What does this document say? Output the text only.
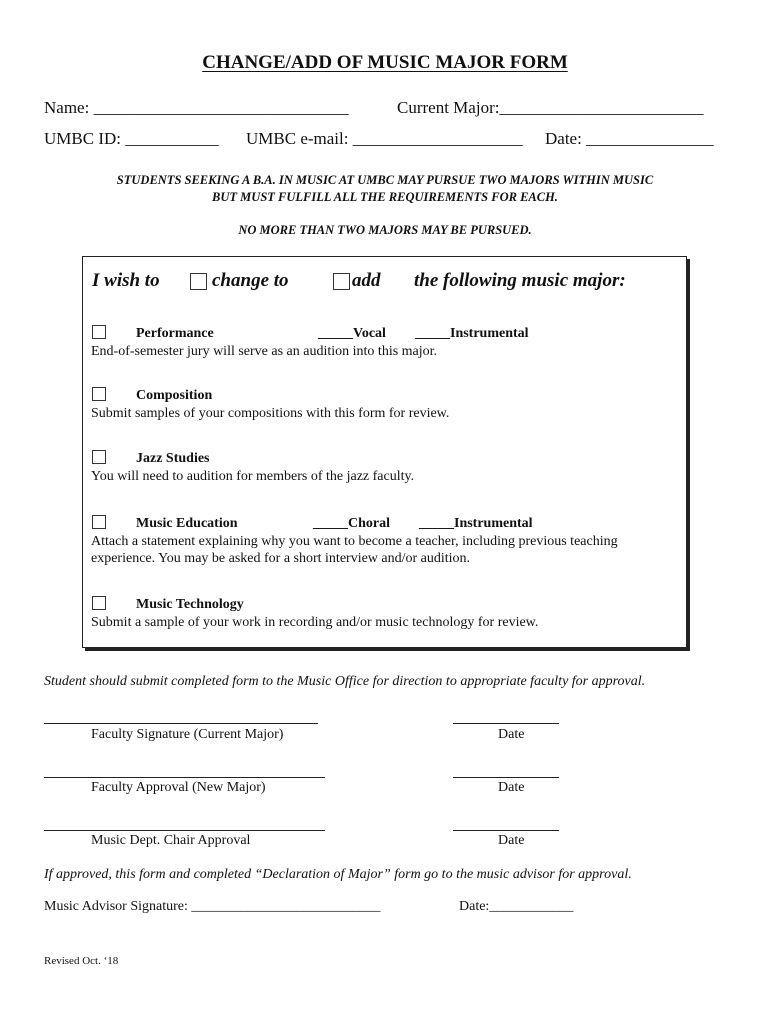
CHANGE/ADD OF MUSIC MAJOR FORM
Name: ______________________________	Current Major:________________________
UMBC ID: ___________ UMBC e-mail: ____________________ Date: _______________
STUDENTS SEEKING A B.A. IN MUSIC AT UMBC MAY PURSUE TWO MAJORS WITHIN MUSIC
BUT MUST FULFILL ALL THE REQUIREMENTS FOR EACH.
NO MORE THAN TWO MAJORS MAY BE PURSUED.
I wish to	change to	add the following music major:
Performance	_____Vocal _____Instrumental
End-of-semester jury will serve as an audition into this major.
Composition
Submit samples of your compositions with this form for review.
Jazz Studies
You will need to audition for members of the jazz faculty.
Music Education	_____Choral _____Instrumental
Attach a statement explaining why you want to become a teacher, including previous teaching
experience. You may be asked for a short interview and/or audition.
Music Technology
Submit a sample of your work in recording and/or music technology for review.
Student should submit completed form to the Music Office for direction to appropriate faculty for approval.
Faculty Signature (Current Major)	Date
Faculty Approval (New Major)	Date
Music Dept. Chair Approval	Date
If approved, this form and completed “Declaration of Major” form go to the music advisor for approval.
Music Advisor Signature: ___________________________	Date:____________
Revised Oct. ‘18
